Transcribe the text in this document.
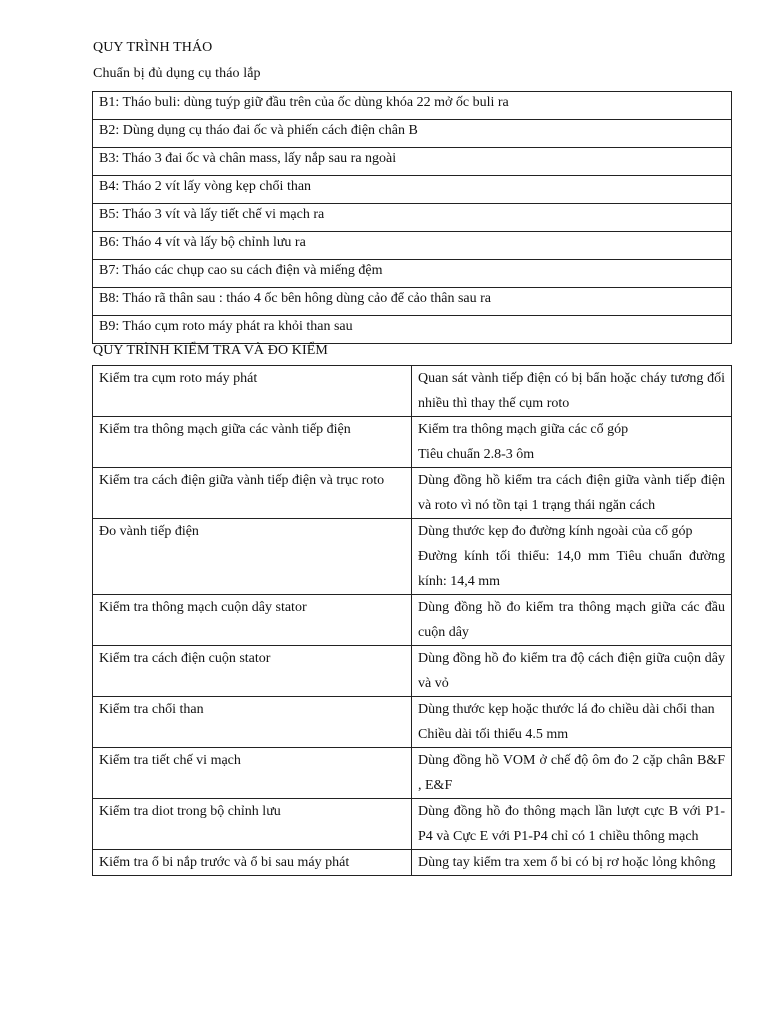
QUY TRÌNH THÁO
Chuẩn bị đủ dụng cụ tháo lắp
B1: Tháo buli: dùng tuýp giữ đầu trên của ốc dùng khóa 22 mở ốc buli ra
B2: Dùng dụng cụ tháo đai ốc và phiến cách điện chân B
B3: Tháo 3 đai ốc và chân mass, lấy nắp sau ra ngoài
B4: Tháo 2 vít lấy vòng kẹp chổi than
B5: Tháo 3 vít và lấy tiết chế vi mạch ra
B6: Tháo 4 vít và lấy bộ chỉnh lưu ra
B7: Tháo các chụp cao su cách điện và miếng đệm
B8: Tháo rã thân sau : tháo 4 ốc bên hông dùng cảo để cảo thân sau ra
B9: Tháo cụm roto máy phát ra khỏi than sau
QUY TRÌNH KIỂM TRA VÀ ĐO KIỂM
Kiểm tra cụm roto máy phát	Quan sát vành tiếp điện có bị bẩn hoặc cháy tương đối nhiều thì thay thế cụm roto

Kiểm tra thông mạch giữa các vành tiếp điện	Kiểm tra thông mạch giữa các cổ góp
Tiêu chuẩn 2.8-3 ôm

Kiểm tra cách điện giữa vành tiếp điện và trục roto	Dùng đồng hồ kiểm tra cách điện giữa vành tiếp điện và roto vì nó tồn tại 1 trạng thái ngăn cách

Đo vành tiếp điện	Dùng thước kẹp đo đường kính ngoài của cổ góp
Đường kính tối thiểu: 14,0 mm Tiêu chuẩn đường kính: 14,4 mm

Kiểm tra thông mạch cuộn dây stator	Dùng đồng hồ đo kiểm tra thông mạch giữa các đầu cuộn dây

Kiểm tra cách điện cuộn stator	Dùng đồng hồ đo kiểm tra độ cách điện giữa cuộn dây và vỏ

Kiểm tra chổi than	Dùng thước kẹp hoặc thước lá đo chiều dài chổi than
Chiều dài tối thiểu 4.5 mm

Kiểm tra tiết chế vi mạch	Dùng đồng hồ VOM ở chế độ ôm đo 2 cặp chân B&F , E&F

Kiểm tra diot trong bộ chỉnh lưu	Dùng đồng hồ đo thông mạch lần lượt cực B với P1-P4 và Cực E với P1-P4 chỉ có 1 chiều thông mạch

Kiểm tra ổ bi nắp trước và ổ bi sau máy phát	Dùng tay kiểm tra xem ổ bi có bị rơ hoặc lỏng không
